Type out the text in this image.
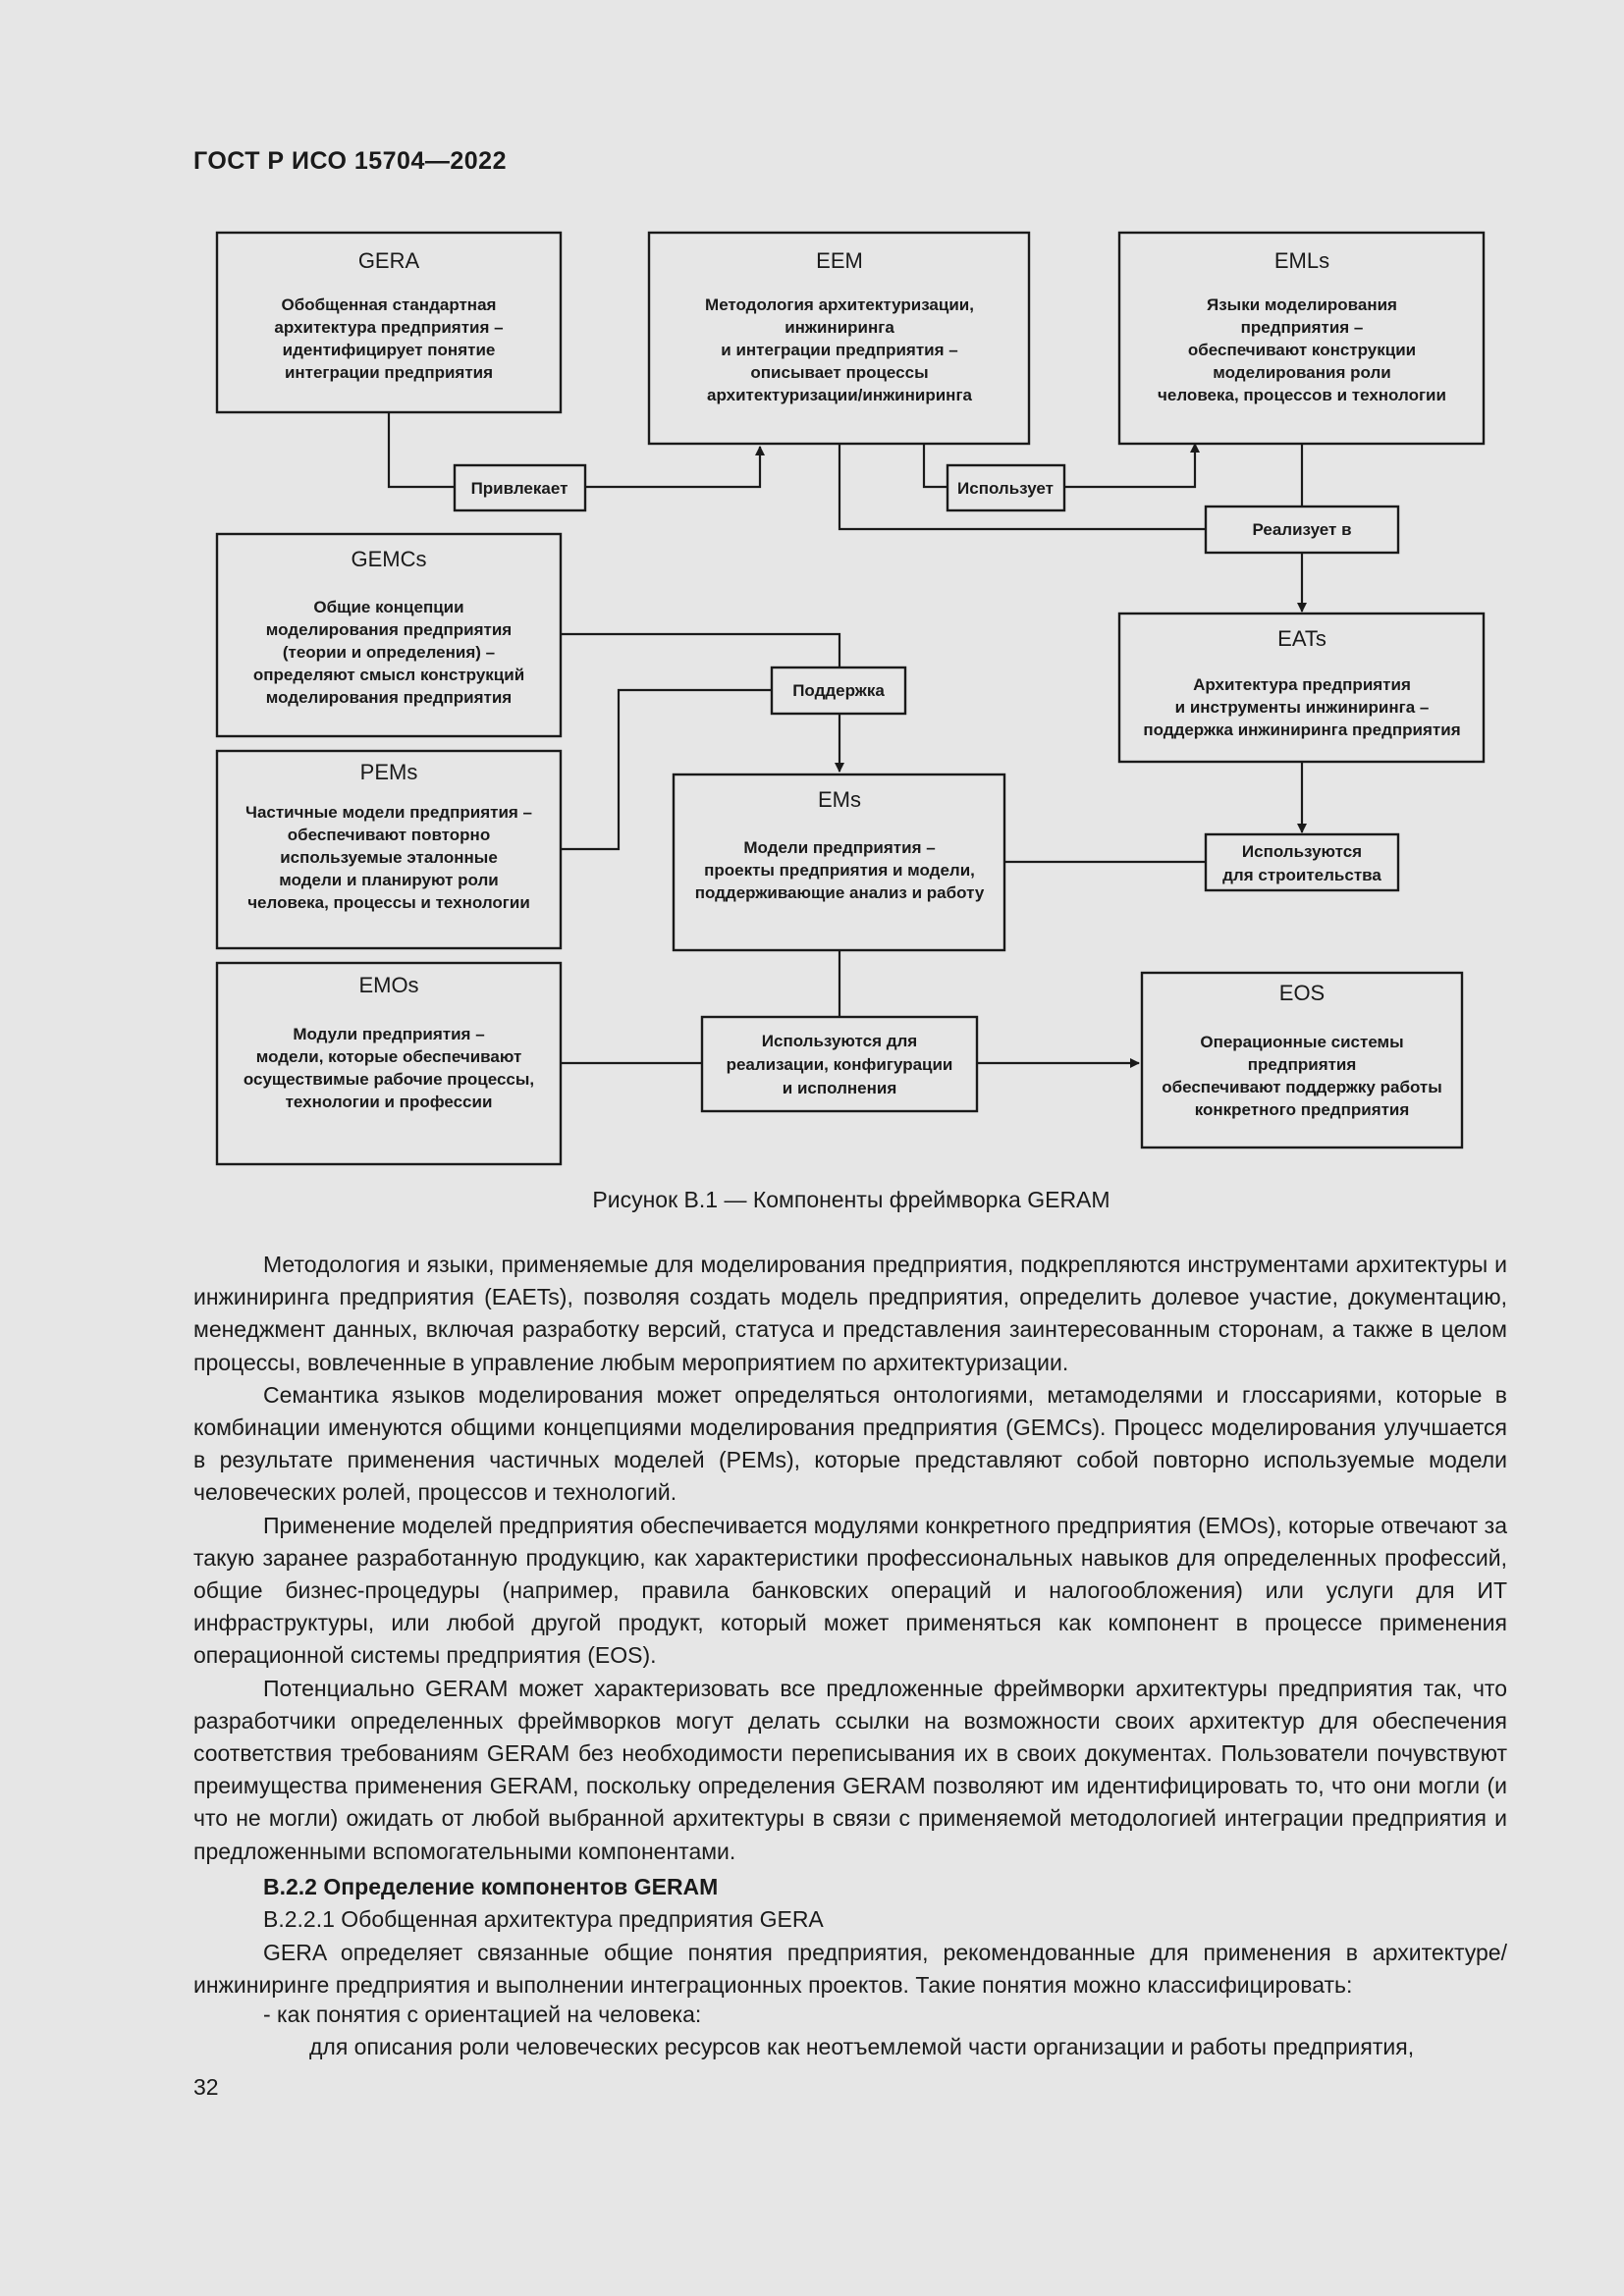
ГОСТ Р ИСО 15704—2022
GERA
Обобщенная стандартная
архитектура предприятия –
идентифицирует понятие
интеграции предприятия
EEM
Методология архитектуризации,
инжиниринга
и интеграции предприятия –
описывает процессы
архитектуризации/инжиниринга
EMLs
Языки моделирования
предприятия –
обеспечивают конструкции
моделирования роли
человека, процессов и технологии
GEMCs
Общие концепции
моделирования предприятия
(теории и определения) –
определяют смысл конструкций
моделирования предприятия
PEMs
Частичные модели предприятия –
обеспечивают повторно
используемые эталонные
модели и планируют роли
человека, процессы и технологии
EMOs
Модули предприятия –
модели, которые обеспечивают
осуществимые рабочие процессы,
технологии и профессии
EATs
Архитектура предприятия
и инструменты инжиниринга –
поддержка инжиниринга предприятия
EMs
Модели предприятия –
проекты предприятия и модели,
поддерживающие анализ и работу
EOS
Операционные системы
предприятия
обеспечивают поддержку работы
конкретного предприятия
Привлекает	Использует
Реализует в
Поддержка
Используются
для строительства
Используются для
реализации, конфигурации
и исполнения
Рисунок В.1 — Компоненты фреймворка GERAM

Методология и языки, применяемые для моделирования предприятия, подкрепляются инструментами архитектуры и инжиниринга предприятия (EAETs), позволяя создать модель предприятия, определить долевое участие, документацию, менеджмент данных, включая разработку версий, статуса и представления заинтересованным сторонам, а также в целом процессы, вовлеченные в управление любым мероприятием по архитектуризации.

Семантика языков моделирования может определяться онтологиями, метамоделями и глоссариями, которые в комбинации именуются общими концепциями моделирования предприятия (GEMCs). Процесс моделирования улучшается в результате применения частичных моделей (PEMs), которые представляют собой повторно используемые модели человеческих ролей, процессов и технологий.

Применение моделей предприятия обеспечивается модулями конкретного предприятия (EMOs), которые отвечают за такую заранее разработанную продукцию, как характеристики профессиональных навыков для определенных профессий, общие бизнес-процедуры (например, правила банковских операций и налогообложения) или услуги для ИТ инфраструктуры, или любой другой продукт, который может применяться как компонент в процессе применения операционной системы предприятия (EOS).

Потенциально GERAM может характеризовать все предложенные фреймворки архитектуры предприятия так, что разработчики определенных фреймворков могут делать ссылки на возможности своих архитектур для обеспечения соответствия требованиям GERAM без необходимости переписывания их в своих документах. Пользователи почувствуют преимущества применения GERAM, поскольку определения GERAM позволяют им идентифицировать то, что они могли (и что не могли) ожидать от любой выбранной архитектуры в связи с применяемой методологией интеграции предприятия и предложенными вспомогательными компонентами.

В.2.2 Определение компонентов GERAM
В.2.2.1 Обобщенная архитектура предприятия GERA

GERA определяет связанные общие понятия предприятия, рекомендованные для применения в архитектуре/инжиниринге предприятия и выполнении интеграционных проектов. Такие понятия можно классифицировать:

- как понятия с ориентацией на человека:
для описания роли человеческих ресурсов как неотъемлемой части организации и работы предприятия,
32
